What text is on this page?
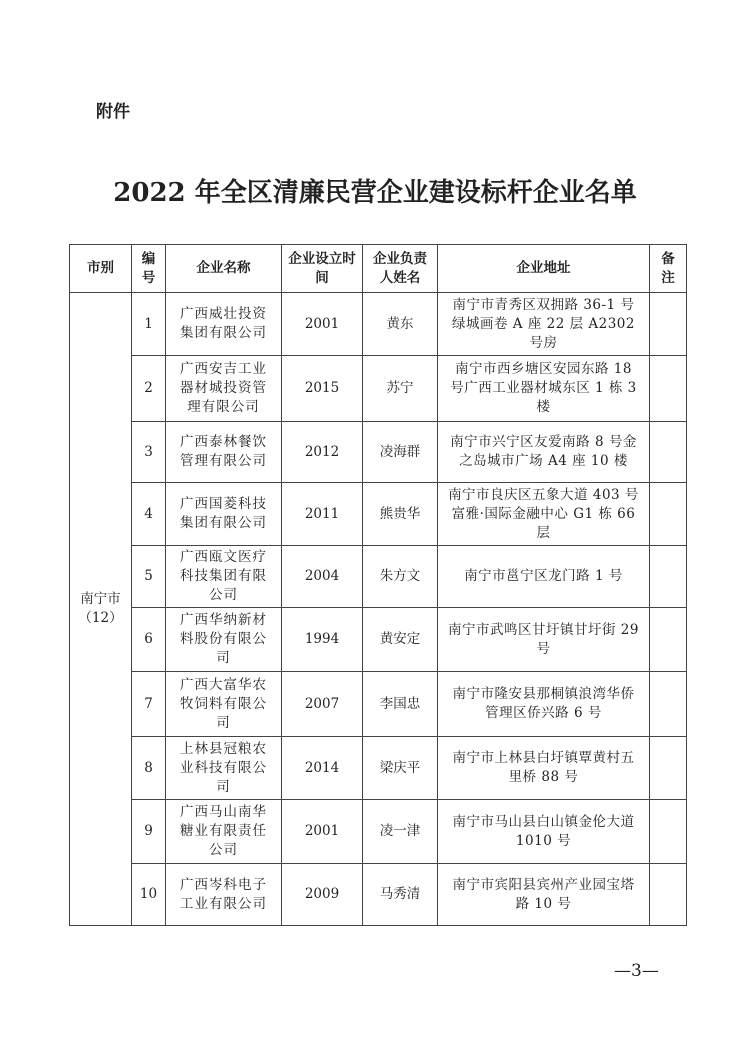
附件
2022 年全区清廉民营企业建设标杆企业名单
市别	编号	企业名称	企业设立时间	企业负责人姓名	企业地址	备注

南宁市
（12）	1	广西威壮投资集团有限公司	2001	黄东	南宁市青秀区双拥路 36-1 号绿城画卷 A 座 22 层 A2302 号房	
	2	广西安吉工业器材城投资管理有限公司	2015	苏宁	南宁市西乡塘区安园东路 18 号广西工业器材城东区 1 栋 3 楼	
	3	广西泰林餐饮管理有限公司	2012	凌海群	南宁市兴宁区友爱南路 8 号金之岛城市广场 A4 座 10 楼	
	4	广西国菱科技集团有限公司	2011	熊贵华	南宁市良庆区五象大道 403 号富雅·国际金融中心 G1 栋 66 层	
	5	广西瓯文医疗科技集团有限公司	2004	朱方文	南宁市邕宁区龙门路 1 号	
	6	广西华纳新材料股份有限公司	1994	黄安定	南宁市武鸣区甘圩镇甘圩街 29 号	
	7	广西大富华农牧饲料有限公司	2007	李国忠	南宁市隆安县那桐镇浪湾华侨管理区侨兴路 6 号	
	8	上林县冠粮农业科技有限公司	2014	梁庆平	南宁市上林县白圩镇覃黄村五里桥 88 号	
	9	广西马山南华糖业有限责任公司	2001	凌一津	南宁市马山县白山镇金伦大道 1010 号	
	10	广西岑科电子工业有限公司	2009	马秀清	南宁市宾阳县宾州产业园宝塔路 10 号	
—3—
